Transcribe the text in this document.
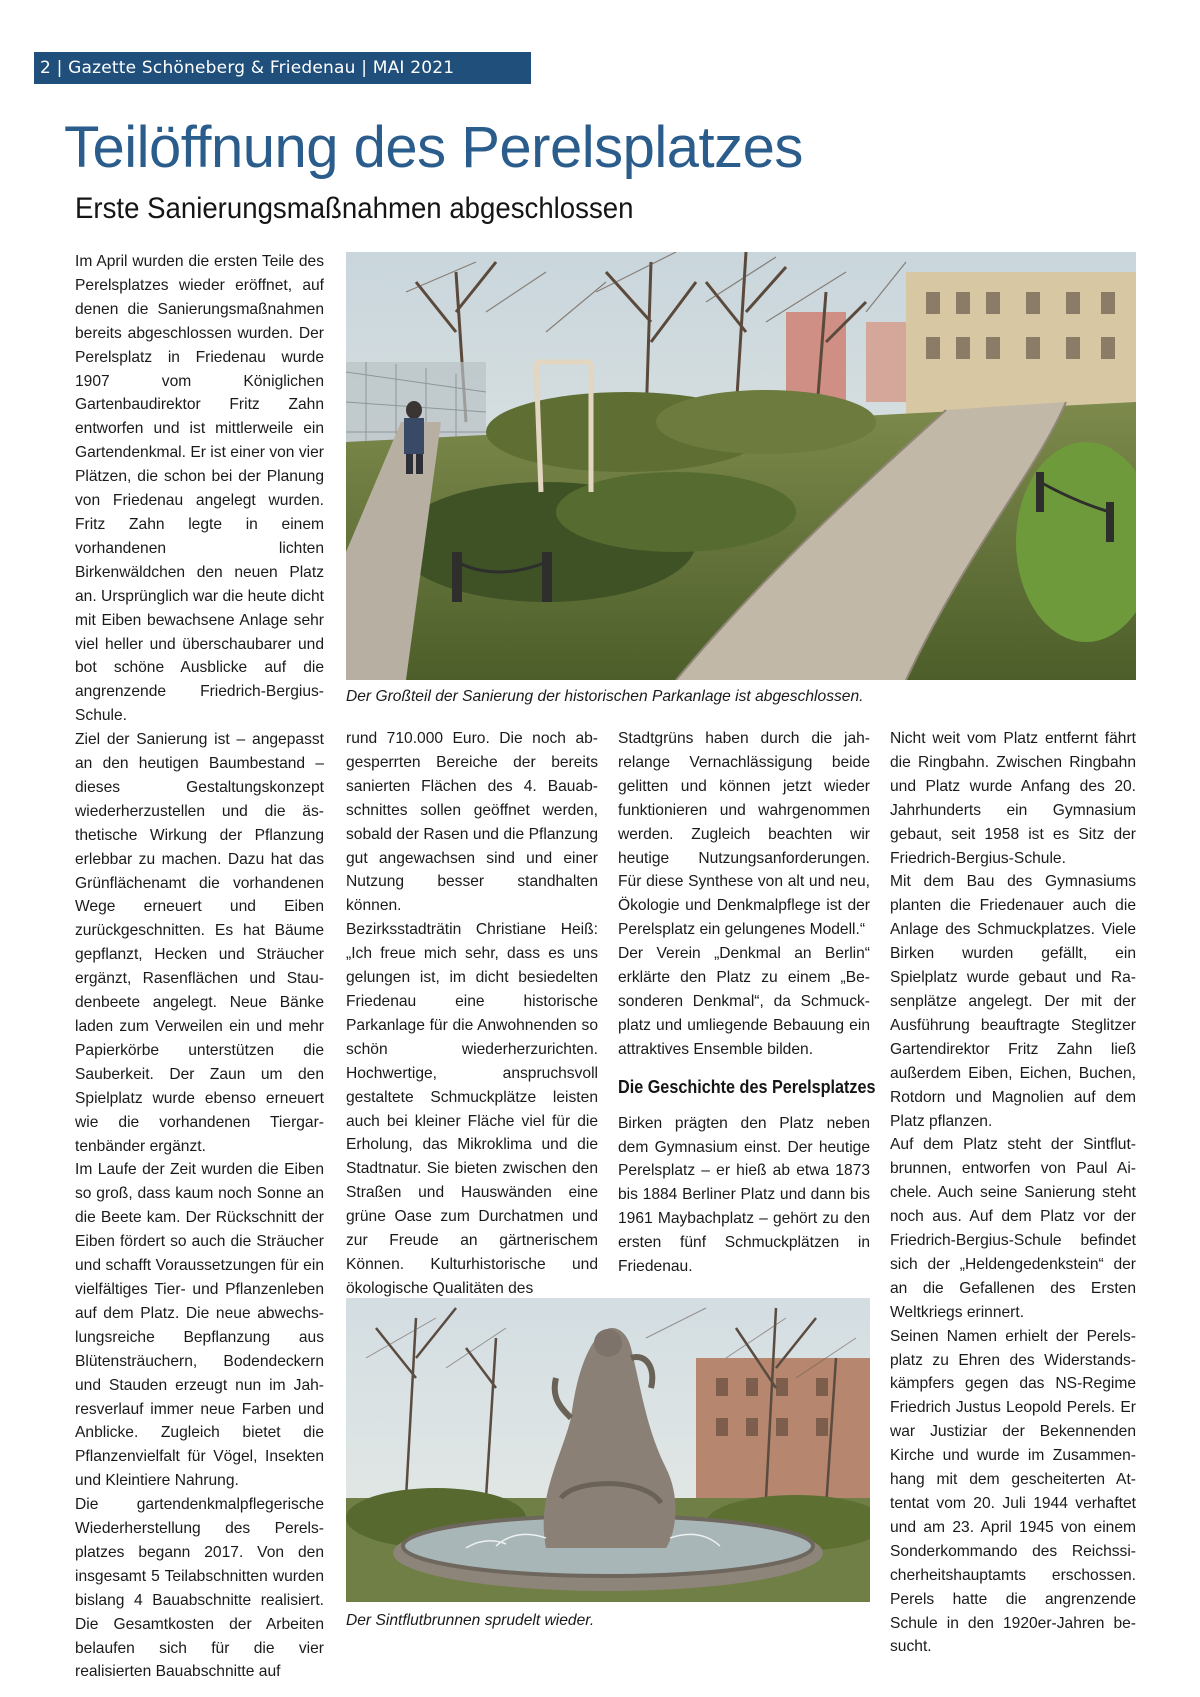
2 | Gazette Schöneberg & Friedenau | MAI 2021
Teilöffnung des Perelsplatzes
Erste Sanierungsmaßnahmen abgeschlossen

Im April wurden die ersten Teile des Perelsplatzes wieder eröffnet, auf denen die Sanierungsmaßnahmen bereits abgeschlossen wurden. Der Perelsplatz in Friedenau wurde 1907 vom Königlichen Gartenbaudirektor Fritz Zahn entworfen und ist mittlerweile ein Gartendenkmal. Er ist einer von vier Plätzen, die schon bei der Planung von Friedenau angelegt wurden. Fritz Zahn legte in einem vorhandenen lichten Birkenwäldchen den neuen Platz an. Ursprünglich war die heute dicht mit Eiben bewachsene Anlage sehr viel heller und überschaubarer und bot schöne Ausblicke auf die angrenzende Friedrich-Bergius-Schule.

Ziel der Sanierung ist – angepasst an den heutigen Baumbestand – dieses Gestaltungskonzept wiederherzustellen und die ästhetische Wirkung der Pflanzung erlebbar zu machen. Dazu hat das Grünflächenamt die vorhandenen Wege erneuert und Eiben zurückgeschnitten. Es hat Bäume gepflanzt, Hecken und Sträucher ergänzt, Rasenflächen und Staudenbeete angelegt. Neue Bänke laden zum Verweilen ein und mehr Papierkörbe unterstützen die Sauberkeit. Der Zaun um den Spielplatz wurde ebenso erneuert wie die vorhandenen Tiergartenbänder ergänzt.

Im Laufe der Zeit wurden die Eiben so groß, dass kaum noch Sonne an die Beete kam. Der Rückschnitt der Eiben fördert so auch die Sträucher und schafft Voraussetzungen für ein vielfältiges Tier- und Pflanzenleben auf dem Platz. Die neue abwechslungsreiche Bepflanzung aus Blütensträuchern, Bodendeckern und Stauden erzeugt nun im Jahresverlauf immer neue Farben und Anblicke. Zugleich bietet die Pflanzenvielfalt für Vögel, Insekten und Kleintiere Nahrung.

Die gartendenkmalpflegerische Wiederherstellung des Perelsplatzes begann 2017. Von den insgesamt 5 Teilabschnitten wurden bislang 4 Bauabschnitte realisiert. Die Gesamtkosten der Arbeiten belaufen sich für die vier realisierten Bauabschnitte auf

Der Großteil der Sanierung der historischen Parkanlage ist abgeschlossen.

rund 710.000 Euro. Die noch abgesperrten Bereiche der bereits sanierten Flächen des 4. Bauabschnittes sollen geöffnet werden, sobald der Rasen und die Pflanzung gut angewachsen sind und einer Nutzung besser standhalten können.

Bezirksstadträtin Christiane Heiß: „Ich freue mich sehr, dass es uns gelungen ist, im dicht besiedelten Friedenau eine historische Parkanlage für die Anwohnenden so schön wiederherzurichten. Hochwertige, anspruchsvoll gestaltete Schmuckplätze leisten auch bei kleiner Fläche viel für die Erholung, das Mikroklima und die Stadtnatur. Sie bieten zwischen den Straßen und Hauswänden eine grüne Oase zum Durchatmen und zur Freude an gärtnerischem Können. Kulturhistorische und ökologische Qualitäten des

Stadtgrüns haben durch die jahrelange Vernachlässigung beide gelitten und können jetzt wieder funktionieren und wahrgenommen werden. Zugleich beachten wir heutige Nutzungsanforderungen. Für diese Synthese von alt und neu, Ökologie und Denkmalpflege ist der Perelsplatz ein gelungenes Modell.“

Der Verein „Denkmal an Berlin“ erklärte den Platz zu einem „Besonderen Denkmal“, da Schmuckplatz und umliegende Bebauung ein attraktives Ensemble bilden.

Die Geschichte des Perelsplatzes

Birken prägten den Platz neben dem Gymnasium einst. Der heutige Perelsplatz – er hieß ab etwa 1873 bis 1884 Berliner Platz und dann bis 1961 Maybachplatz – gehört zu den ersten fünf Schmuckplätzen in Friedenau.

Der Sintflutbrunnen sprudelt wieder.

Nicht weit vom Platz entfernt fährt die Ringbahn. Zwischen Ringbahn und Platz wurde Anfang des 20. Jahrhunderts ein Gymnasium gebaut, seit 1958 ist es Sitz der Friedrich-Bergius-Schule.

Mit dem Bau des Gymnasiums planten die Friedenauer auch die Anlage des Schmuckplatzes. Viele Birken wurden gefällt, ein Spielplatz wurde gebaut und Rasenplätze angelegt. Der mit der Ausführung beauftragte Steglitzer Gartendirektor Fritz Zahn ließ außerdem Eiben, Eichen, Buchen, Rotdorn und Magnolien auf dem Platz pflanzen.

Auf dem Platz steht der Sintflutbrunnen, entworfen von Paul Aichele. Auch seine Sanierung steht noch aus. Auf dem Platz vor der Friedrich-Bergius-Schule befindet sich der „Heldengedenkstein“ der an die Gefallenen des Ersten Weltkriegs erinnert.

Seinen Namen erhielt der Perelsplatz zu Ehren des Widerstandskämpfers gegen das NS-Regime Friedrich Justus Leopold Perels. Er war Justiziar der Bekennenden Kirche und wurde im Zusammenhang mit dem gescheiterten Attentat vom 20. Juli 1944 verhaftet und am 23. April 1945 von einem Sonderkommando des Reichssicherheitshauptamts erschossen. Perels hatte die angrenzende Schule in den 1920er-Jahren besucht.
